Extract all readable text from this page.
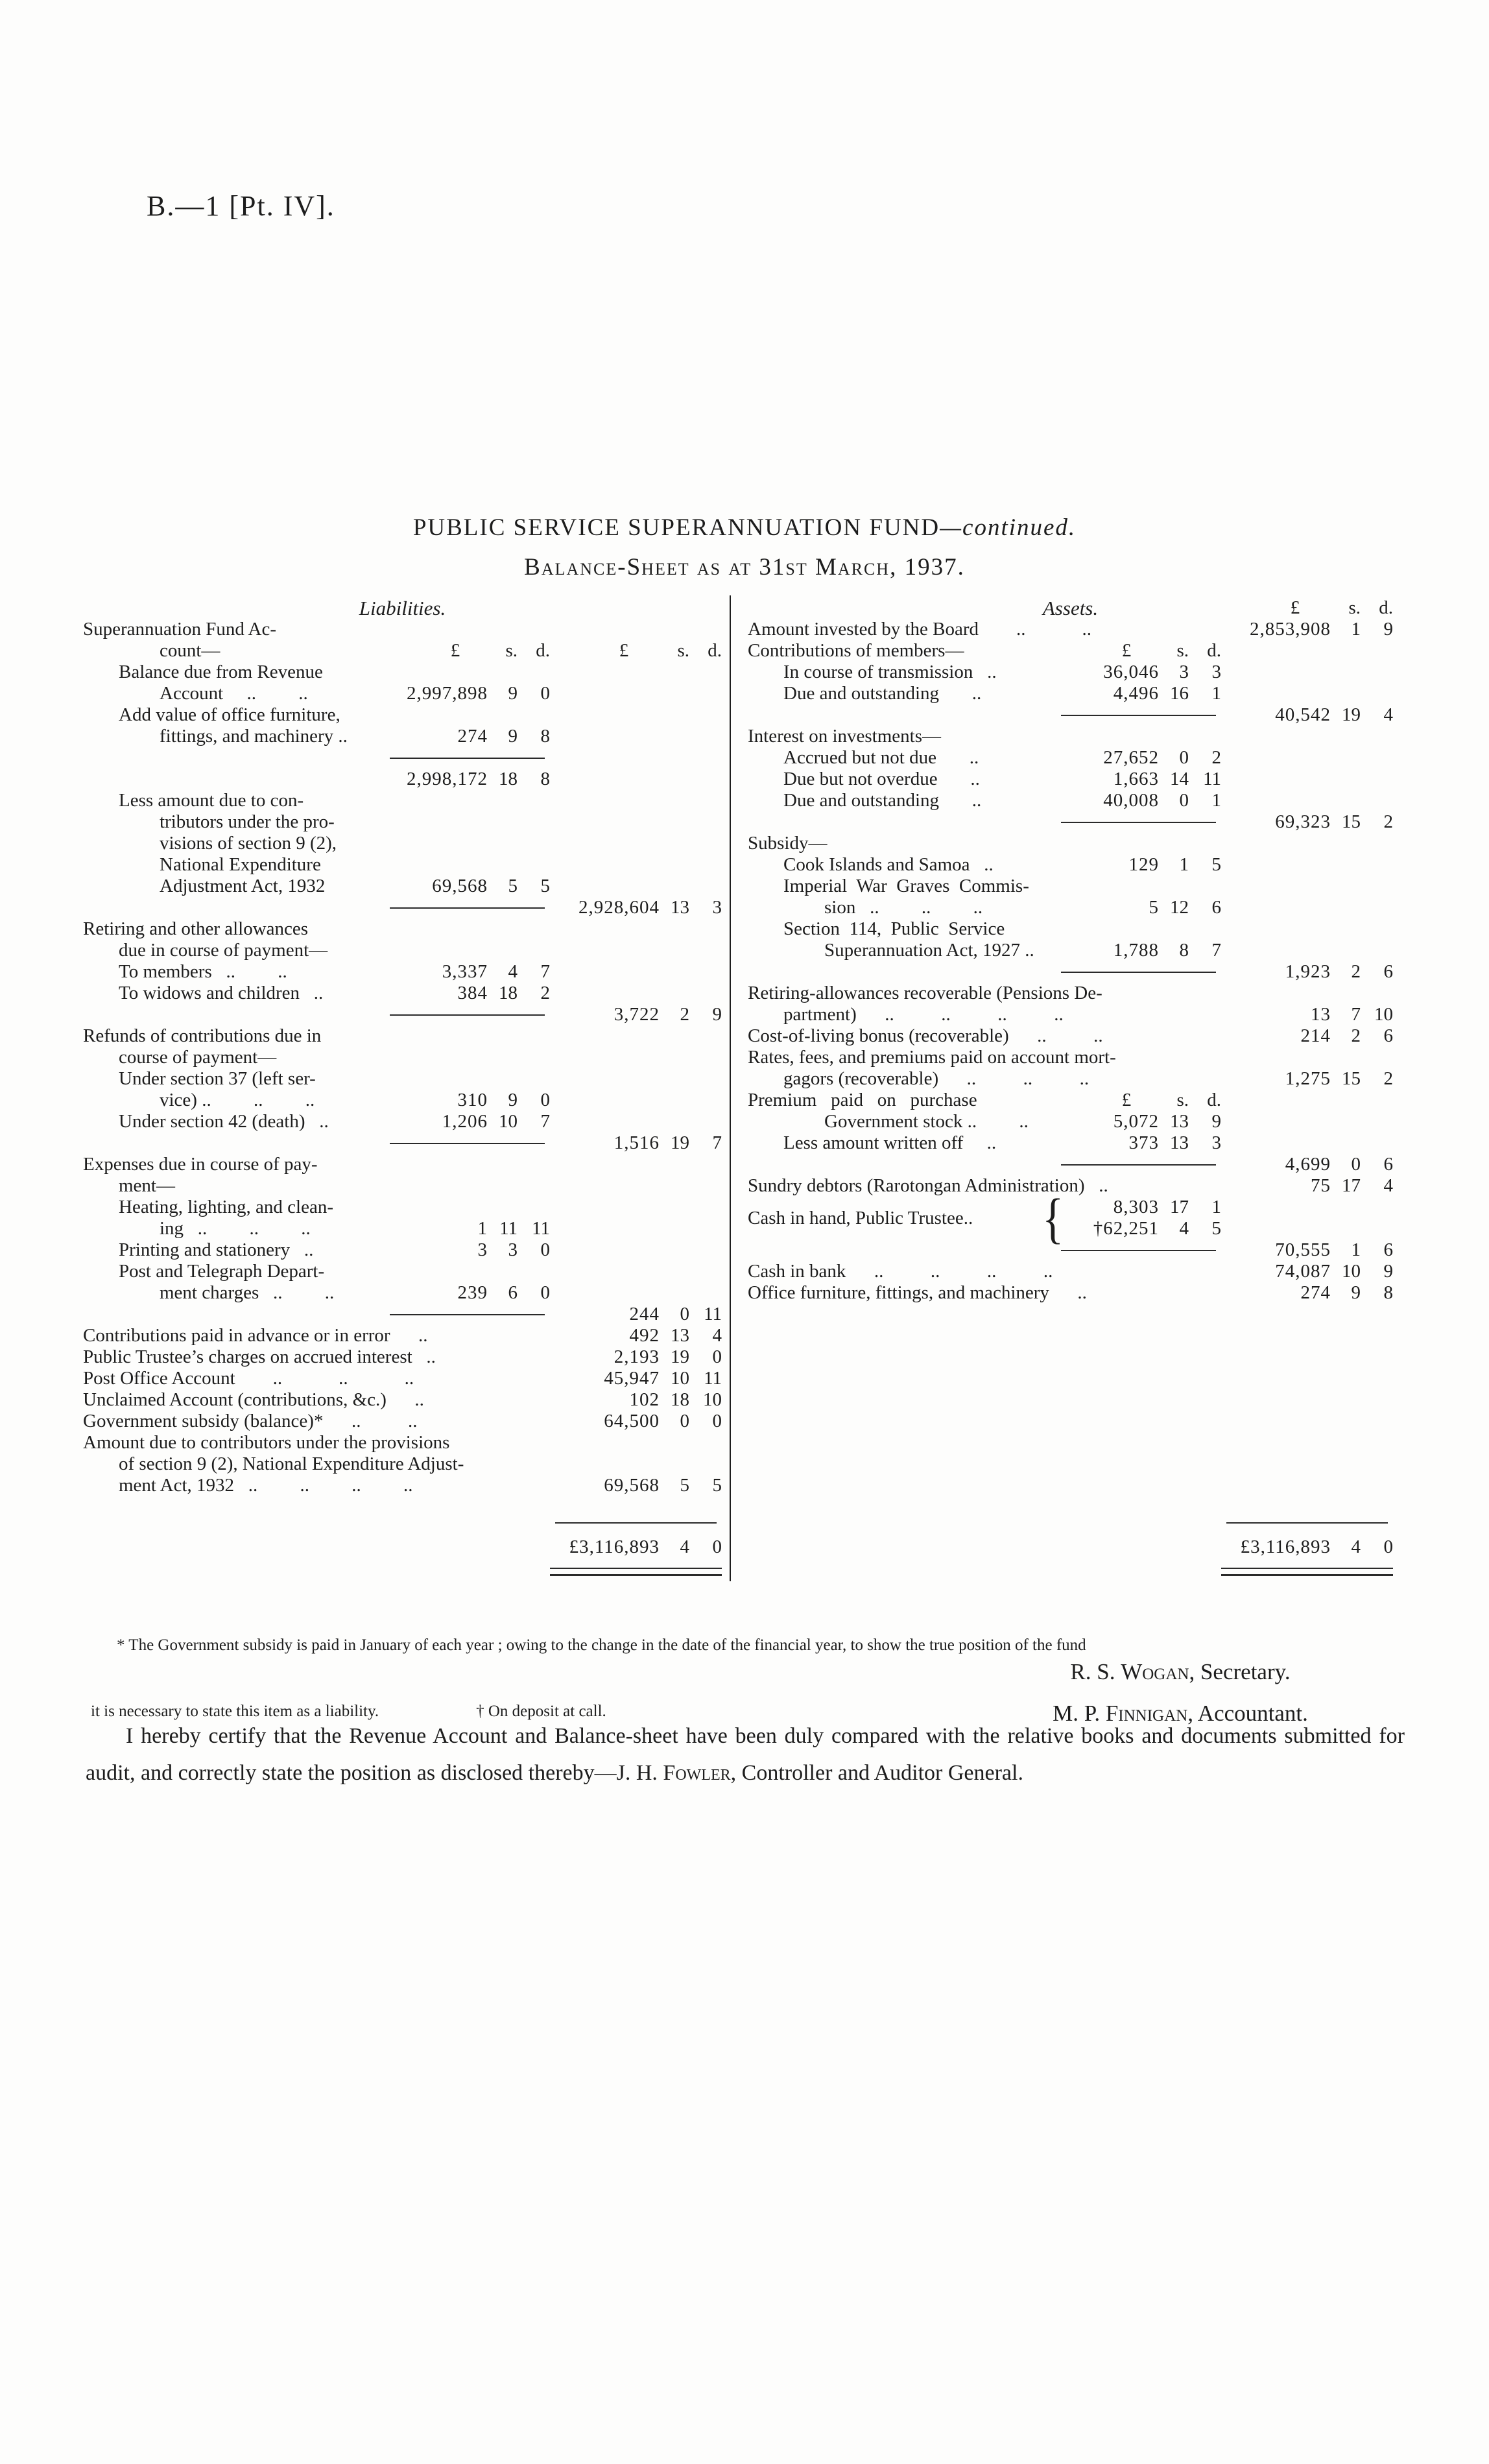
B.—1 [Pt. IV].
PUBLIC SERVICE SUPERANNUATION FUND—continued.
Balance-Sheet as at 31st March, 1937.
Liabilities.
Superannuation Fund Ac-
count—	£	s. d.	£	s. d.
Balance due from Revenue
Account  ..   ..	2,997,898	9	0
Add value of office furniture,
fittings, and machinery ..	274	9	8
2,998,172 18	8
Less amount due to con-
tributors under the pro-
visions of section 9 (2),
National Expenditure
Adjustment Act, 1932	69,568	5	5
2,928,604 13	3
Retiring and other allowances
due in course of payment—
To members  ..   ..	3,337	4	7
To widows and children  ..	384 18	2
3,722	2	9
Refunds of contributions due in
course of payment—
Under section 37 (left ser-
vice) ..   ..   ..	310	9	0
Under section 42 (death)  ..	1,206 10	7
1,516 19	7
Expenses due in course of pay-
ment—
Heating, lighting, and clean-
ing  ..   ..   ..	1 11 11
Printing and stationery  ..	3	3	0
Post and Telegraph Depart-
ment charges  ..   ..	239	6	0
244	0 11
Contributions paid in advance or in error  ..	492 13	4
Public Trustee’s charges on accrued interest  ..	2,193 19	0
Post Office Account  ..   ..   ..	45,947 10 11
Unclaimed Account (contributions, &c.)  ..	102 18 10
Government subsidy (balance)*  ..   ..	64,500	0	0
Amount due to contributors under the provisions
of section 9 (2), National Expenditure Adjust-
ment Act, 1932  ..   ..   ..   ..	69,568	5	5
£3,116,893	4	0
Assets.	£	s. d.
Amount invested by the Board  ..   ..	2,853,908	1	9
Contributions of members—	£	s. d.
In course of transmission  ..	36,046	3	3
Due and outstanding   ..	4,496 16	1
40,542 19	4
Interest on investments—
Accrued but not due   ..	27,652	0	2
Due but not overdue   ..	1,663 14 11
Due and outstanding   ..	40,008	0	1
69,323 15	2
Subsidy—
Cook Islands and Samoa  ..	129	1	5
Imperial  War  Graves  Commis-
sion  ..   ..   ..	5 12	6
Section  114,  Public  Service
Superannuation Act, 1927 ..	1,788	8	7
1,923	2	6
Retiring-allowances recoverable (Pensions De-
partment)  ..   ..   ..   ..	13	7 10
Cost-of-living bonus (recoverable)  ..   ..	214	2	6
Rates, fees, and premiums paid on account mort-
gagors (recoverable)  ..   ..   ..	1,275 15	2
Premium   paid   on   purchase	£	s. d.
Government stock ..   ..	5,072 13	9
Less amount written off  ..	373 13	3
4,699	0	6
Sundry debtors (Rarotongan Administration)  ..	75 17	4
Cash in hand, Public Trustee..	{	8,303 17	1
†62,251	4	5
70,555	1	6
Cash in bank  ..   ..   ..   ..	74,087 10	9
Office furniture, fittings, and machinery  ..	274	9	8
£3,116,893	4	0

* The Government subsidy is paid in January of each year ; owing to the change in the date of the financial year, to show the true position of the fund

it is necessary to state this item as a liability.	† On deposit at call.

R. S. Wogan, Secretary.
M. P. Finnigan, Accountant.
I hereby certify that the Revenue Account and Balance-sheet have been duly compared with the relative books and documents submitted for audit, and correctly state the position as disclosed thereby—J. H. Fowler, Controller and Auditor General.
